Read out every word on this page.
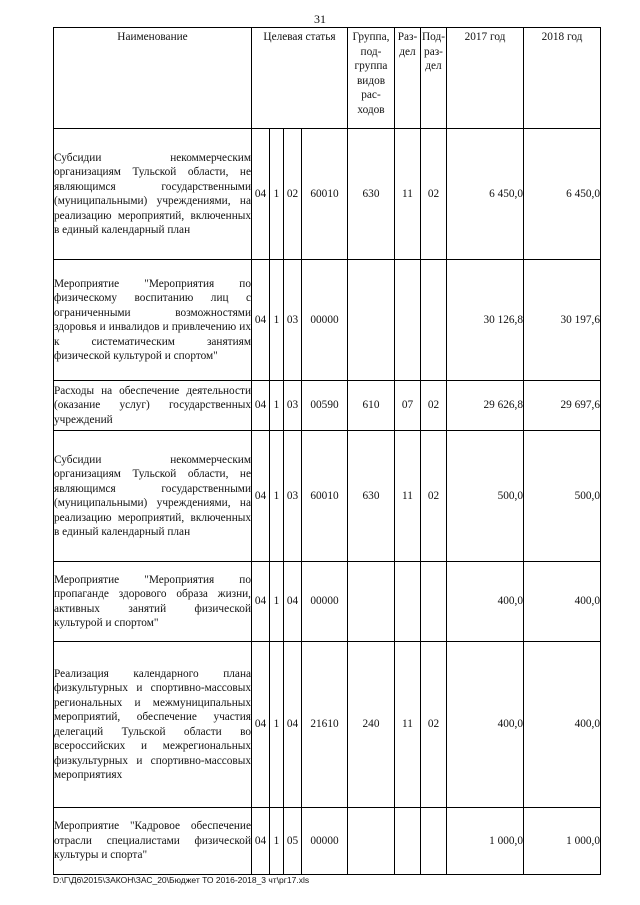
31
Наименование	Целевая статья				Группа, под- группа видов рас- ходов	Раз- дел	Под- раз- дел	2017 год	2018 год
Субсидии некоммерческим организациям Тульской области, не являющимся государственными (муниципальными) учреждениями, на реализацию мероприятий, включенных в единый календарный план	04	1	02	60010	630	11	02	6 450,0	6 450,0
Мероприятие "Мероприятия по физическому воспитанию лиц с ограниченными возможностями здоровья и инвалидов и привлечению их к систематическим занятиям физической культурой и спортом"	04	1	03	00000				30 126,8	30 197,6
Расходы на обеспечение деятельности (оказание услуг) государственных учреждений	04	1	03	00590	610	07	02	29 626,8	29 697,6
Субсидии некоммерческим организациям Тульской области, не являющимся государственными (муниципальными) учреждениями, на реализацию мероприятий, включенных в единый календарный план	04	1	03	60010	630	11	02	500,0	500,0
Мероприятие "Мероприятия по пропаганде здорового образа жизни, активных занятий физической культурой и спортом"	04	1	04	00000				400,0	400,0
Реализация календарного плана физкультурных и спортивно-массовых региональных и межмуниципальных мероприятий, обеспечение участия делегаций Тульской области во всероссийских и межрегиональных физкультурных и спортивно-массовых мероприятиях	04	1	04	21610	240	11	02	400,0	400,0
Мероприятие "Кадровое обеспечение отрасли специалистами физической культуры и спорта"	04	1	05	00000				1 000,0	1 000,0
D:\Г\Д6\2015\ЗАКОН\ЗАС_20\Бюджет ТО 2016-2018_3 чт\рг17.xls
